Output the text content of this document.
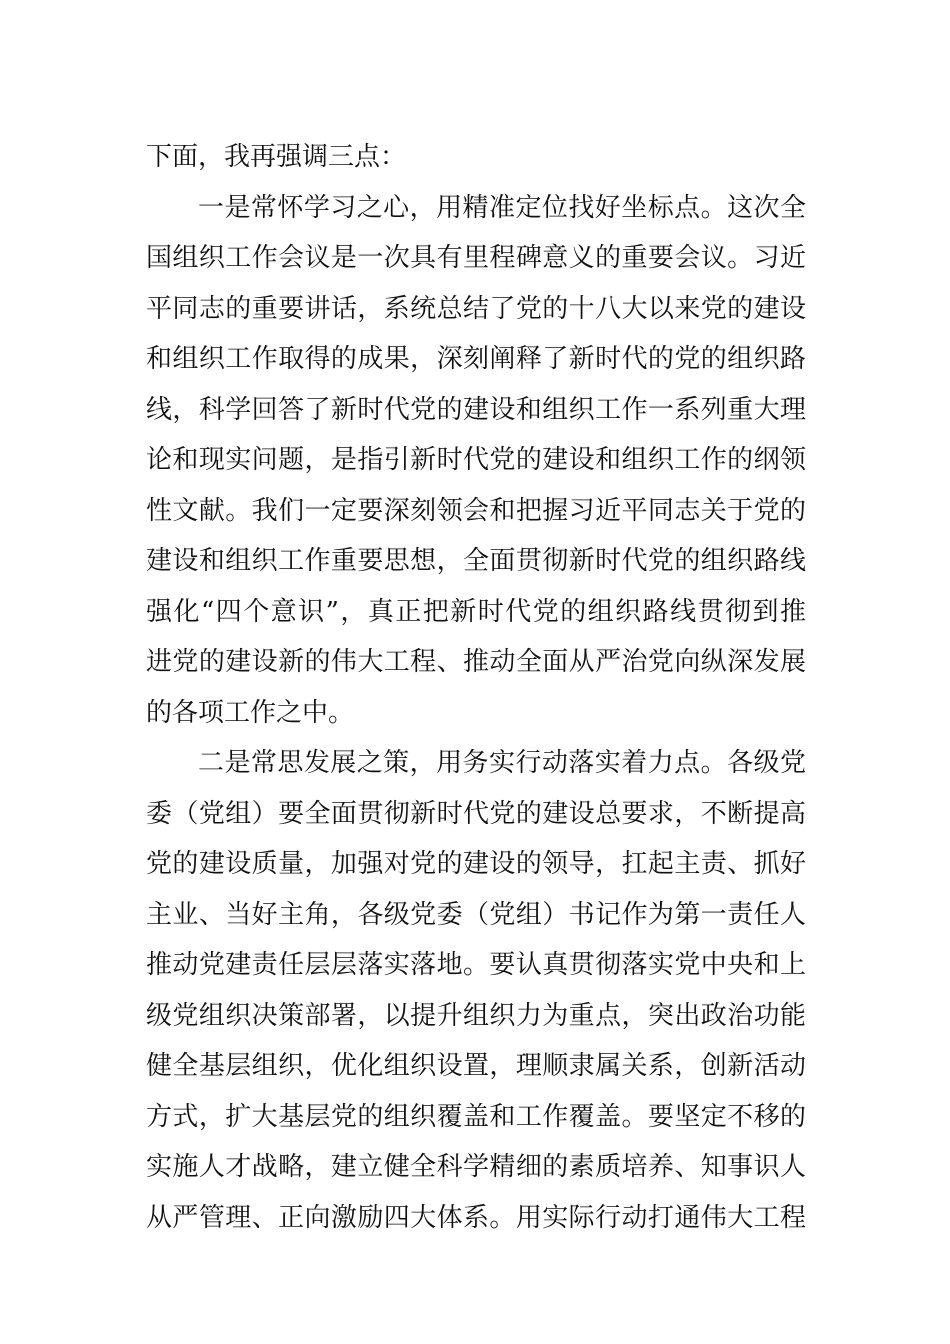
下面，我再强调三点：
一是常怀学习之心，用精准定位找好坐标点。这次全
国组织工作会议是一次具有里程碑意义的重要会议。习近
平同志的重要讲话，系统总结了党的十八大以来党的建设
和组织工作取得的成果，深刻阐释了新时代的党的组织路
线，科学回答了新时代党的建设和组织工作一系列重大理
论和现实问题，是指引新时代党的建设和组织工作的纲领
性文献。我们一定要深刻领会和把握习近平同志关于党的
建设和组织工作重要思想，全面贯彻新时代党的组织路线
强化“四个意识”，真正把新时代党的组织路线贯彻到推
进党的建设新的伟大工程、推动全面从严治党向纵深发展
的各项工作之中。
二是常思发展之策，用务实行动落实着力点。各级党
委（党组）要全面贯彻新时代党的建设总要求，不断提高
党的建设质量，加强对党的建设的领导，扛起主责、抓好
主业、当好主角，各级党委（党组）书记作为第一责任人
推动党建责任层层落实落地。要认真贯彻落实党中央和上
级党组织决策部署，以提升组织力为重点，突出政治功能
健全基层组织，优化组织设置，理顺隶属关系，创新活动
方式，扩大基层党的组织覆盖和工作覆盖。要坚定不移的
实施人才战略，建立健全科学精细的素质培养、知事识人
从严管理、正向激励四大体系。用实际行动打通伟大工程
